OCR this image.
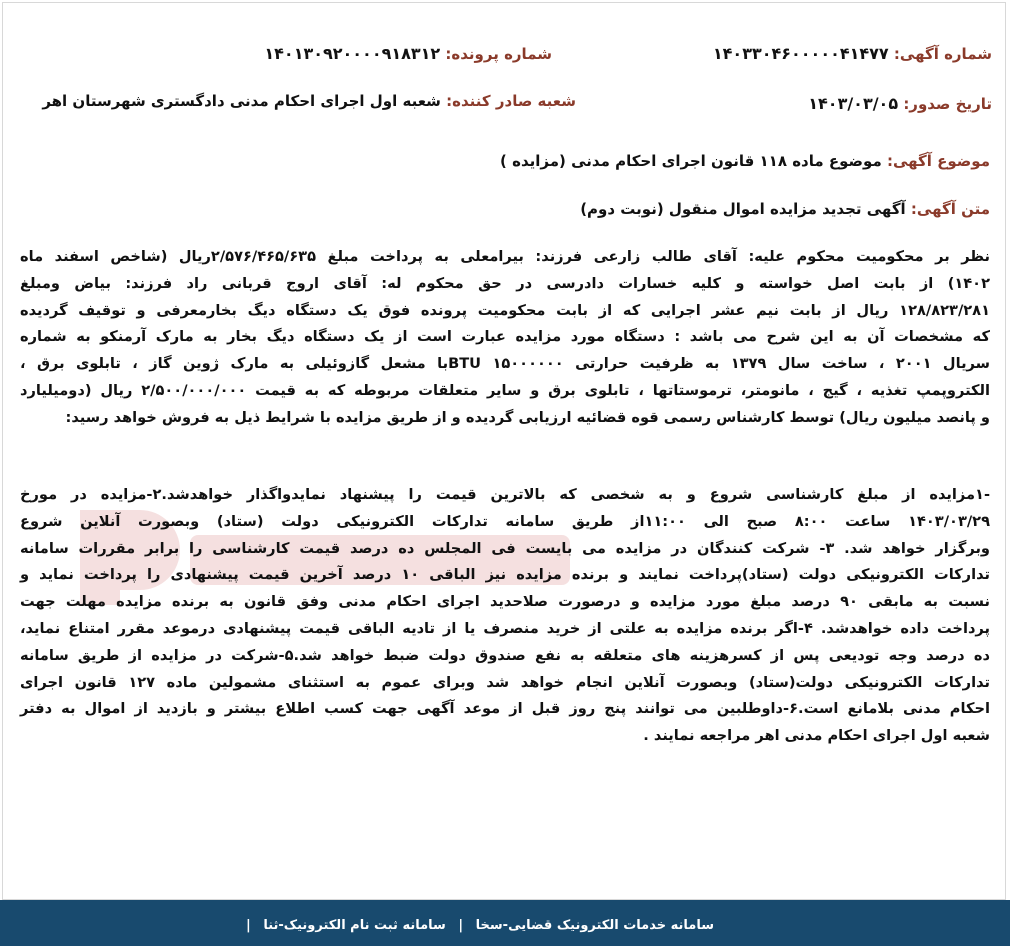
شماره آگهی: ۱۴۰۳۳۰۴۶۰۰۰۰۰۴۱۴۷۷
شماره پرونده: ۱۴۰۱۳۰۹۲۰۰۰۰۹۱۸۳۱۲
تاریخ صدور: ۱۴۰۳/۰۳/۰۵
شعبه صادر کننده: شعبه اول اجرای احکام مدنی دادگستری شهرستان اهر
موضوع آگهی: موضوع ماده ۱۱۸ قانون اجرای احکام مدنی (مزایده )
متن آگهی: آگهی تجدید مزایده اموال منقول (نوبت دوم)
نظر بر محکومیت محکوم علیه: آقای طالب زارعی فرزند: بیرامعلی به پرداخت مبلغ ۲/۵۷۶/۴۶۵/۶۳۵ریال (شاخص اسفند ماه
۱۴۰۲) از بابت اصل خواسته و کلیه خسارات دادرسی در حق محکوم له: آقای اروج قربانی راد فرزند: بیاض ومبلغ
۱۲۸/۸۲۳/۲۸۱ ریال از بابت نیم عشر اجرایی که از بابت محکومیت پرونده فوق یک دستگاه دیگ بخارمعرفی و توقیف گردیده
که مشخصات آن به این شرح می باشد : دستگاه مورد مزایده عبارت است از یک دستگاه دیگ بخار به مارک آرمنکو به شماره
سریال ۲۰۰۱ ، ساخت سال ۱۳۷۹ به ظرفیت حرارتی ۱۵۰۰۰۰۰۰ BTUبا مشعل گازوئیلی به مارک ژوین گاز ، تابلوی برق ،
الکتروپمپ تغذیه ، گیج ، مانومتر، ترموستاتها ، تابلوی برق و سایر متعلقات مربوطه که به قیمت ۲/۵۰۰/۰۰۰/۰۰۰ ریال (دومیلیارد
و پانصد میلیون ریال) توسط کارشناس رسمی قوه قضائیه ارزیابی گردیده و از طریق مزایده با شرایط ذیل به فروش خواهد رسید:
-۱مزایده از مبلغ کارشناسی شروع و به شخصی که بالاترین قیمت را پیشنهاد نمایدواگذار خواهدشد.۲-مزایده در مورخ
۱۴۰۳/۰۳/۲۹ ساعت ۸:۰۰ صبح الی ۱۱:۰۰از طریق سامانه تدارکات الکترونیکی دولت (ستاد) وبصورت آنلاین شروع
وبرگزار خواهد شد. ۳- شرکت کنندگان در مزایده می بایست فی المجلس ده درصد قیمت کارشناسی را برابر مقررات سامانه
تدارکات الکترونیکی دولت (ستاد)پرداخت نمایند و برنده مزایده نیز الباقی ۱۰ درصد آخرین قیمت پیشنهادی را پرداخت نماید و
نسبت به مابقی ۹۰ درصد مبلغ مورد مزایده و درصورت صلاحدید اجرای احکام مدنی وفق قانون به برنده مزایده مهلت جهت
پرداخت داده خواهدشد. ۴-اگر برنده مزایده به علتی از خرید منصرف یا از تادیه الباقی قیمت پیشنهادی درموعد مقرر امتناع نماید،
ده درصد وجه تودیعی پس از کسرهزینه های متعلقه به نفع صندوق دولت ضبط خواهد شد.۵-شرکت در مزایده از طریق سامانه
تدارکات الکترونیکی دولت(ستاد) وبصورت آنلاین انجام خواهد شد وبرای عموم به استثنای مشمولین ماده ۱۲۷ قانون اجرای
احکام مدنی بلامانع است.۶-داوطلبین می توانند پنج روز قبل از موعد آگهی جهت کسب اطلاع بیشتر و بازدید از اموال به دفتر
شعبه اول اجرای احکام مدنی اهر مراجعه نمایند .
سامانه خدمات الکترونیک قضایی-سخا | سامانه ثبت نام الکترونیک-ثنا |
